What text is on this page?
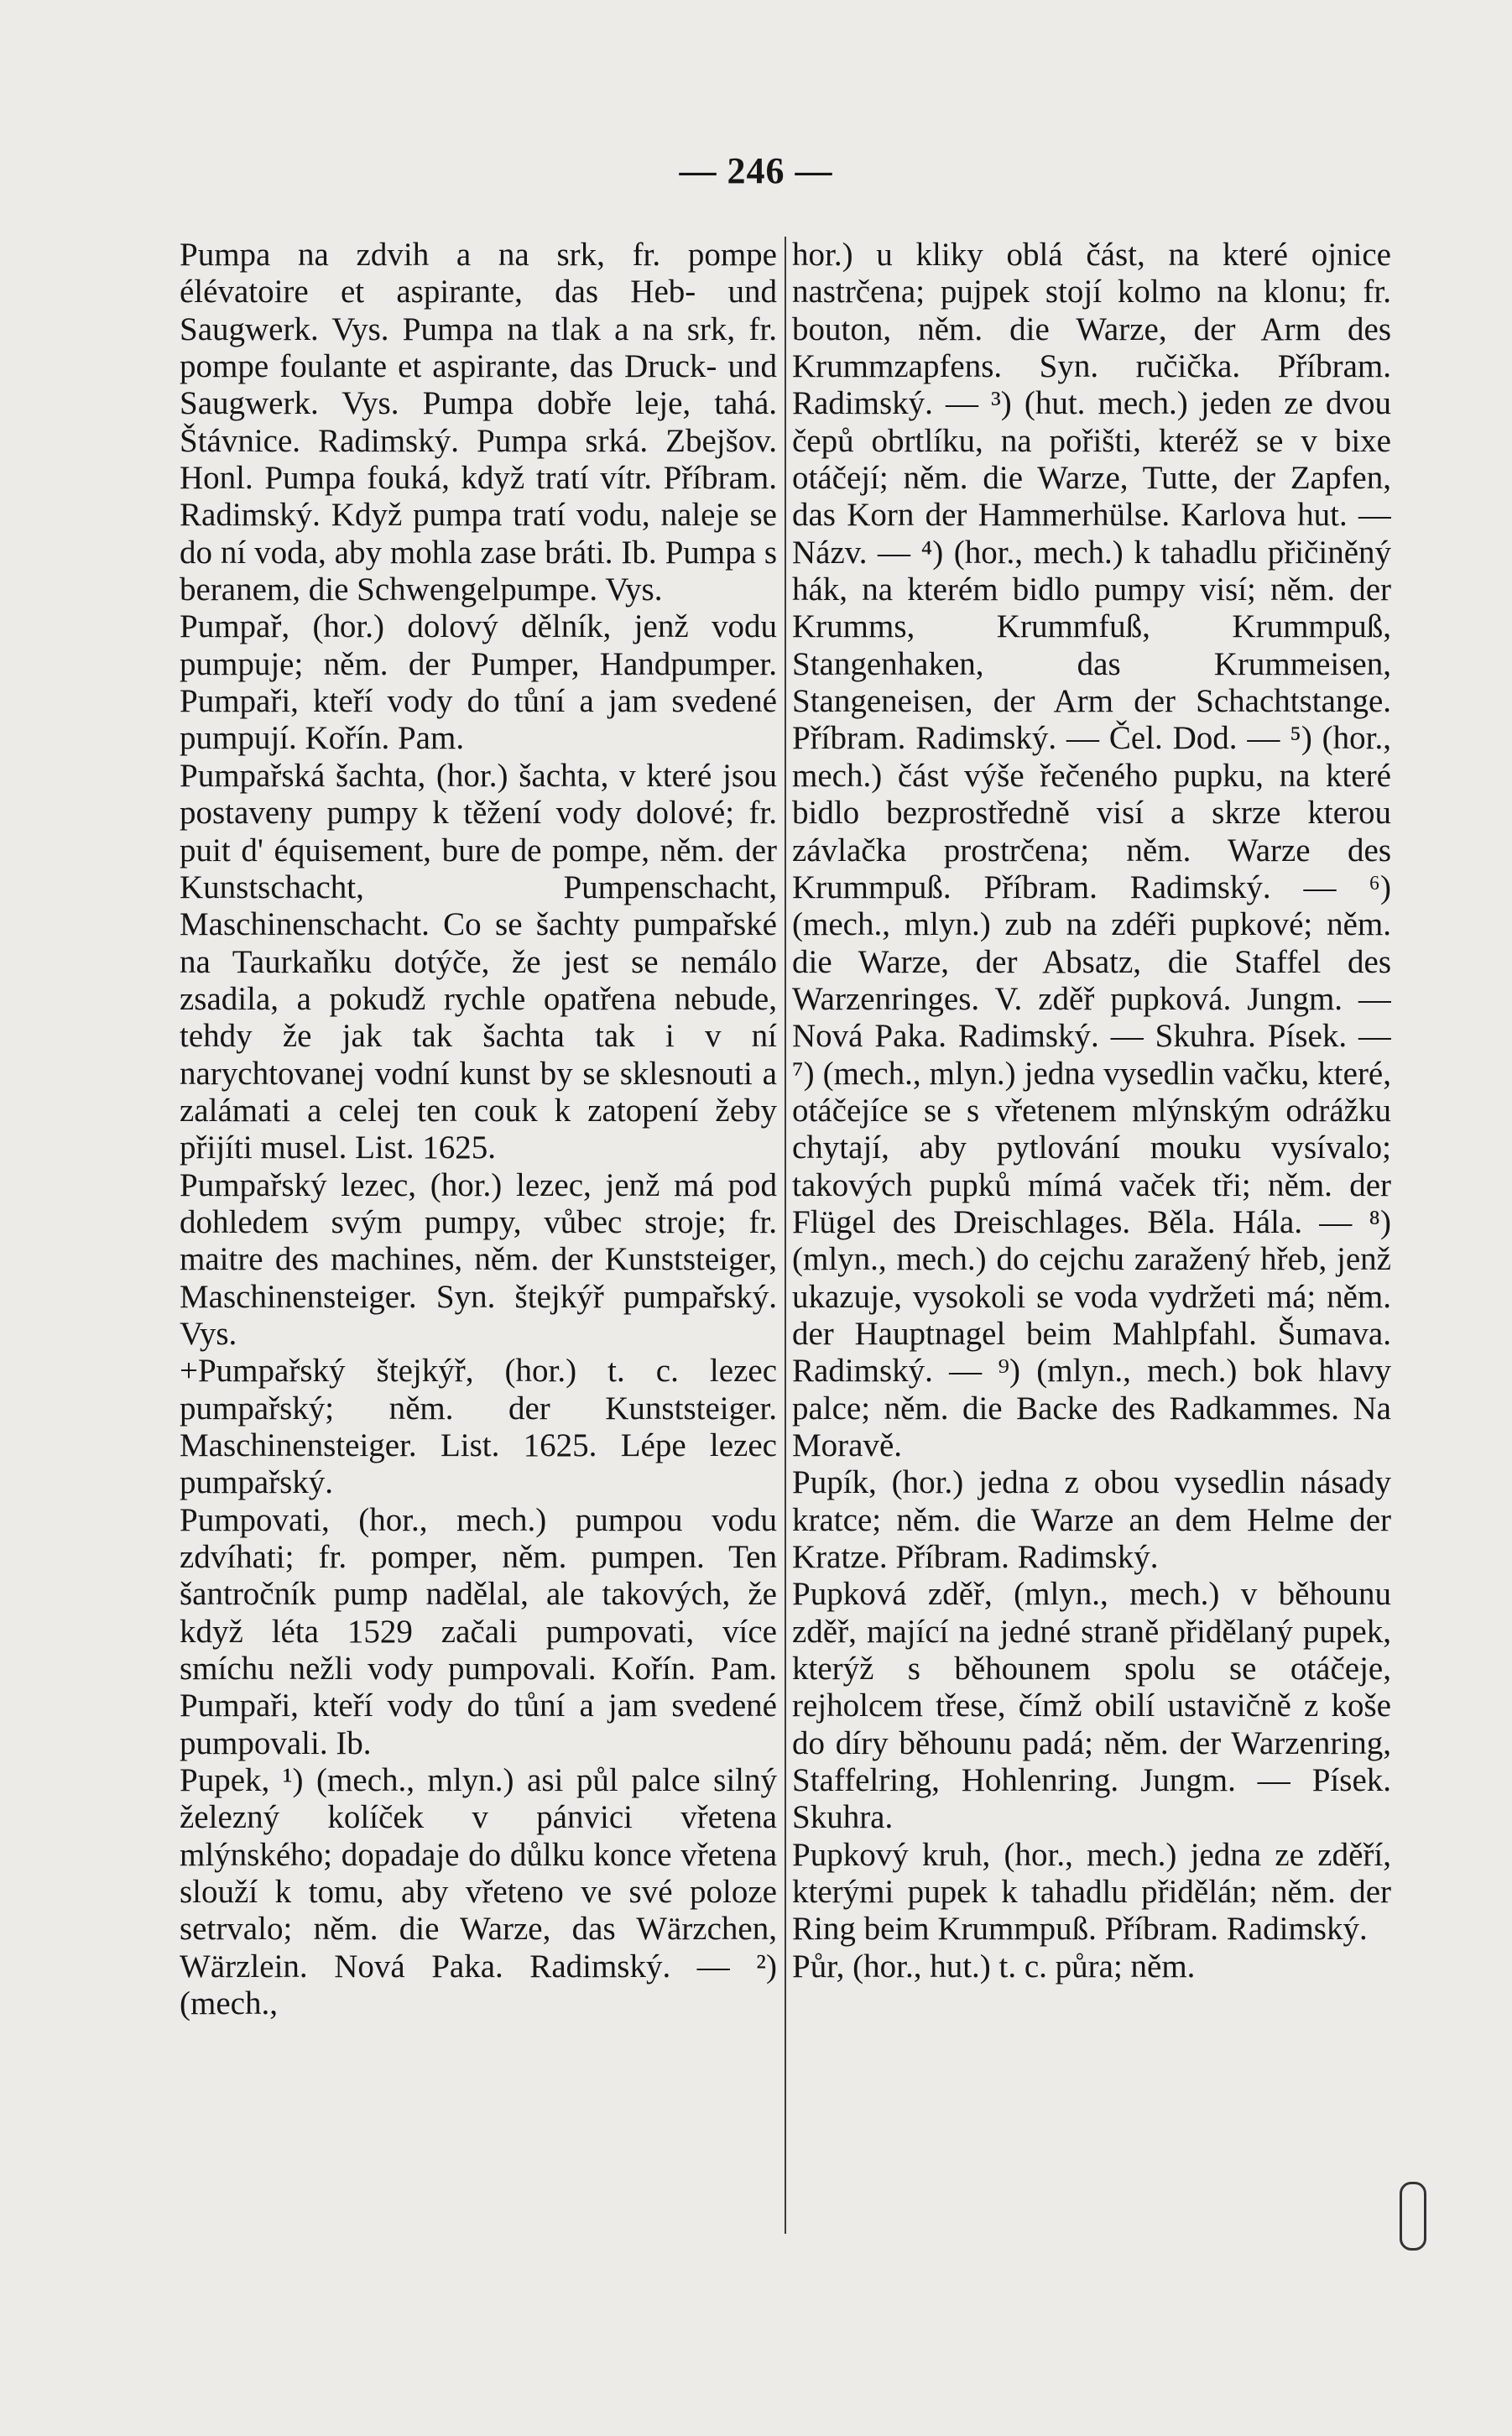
— 246 —

Pumpa na zdvih a na srk, fr. pompe élévatoire et aspirante, das Heb- und Saugwerk. Vys. Pumpa na tlak a na srk, fr. pompe foulante et aspirante, das Druck- und Saugwerk. Vys. Pumpa dobře leje, tahá. Štávnice. Radimský. Pumpa srká. Zbejšov. Honl. Pumpa fouká, když tratí vítr. Příbram. Radimský. Když pumpa tratí vodu, naleje se do ní voda, aby mohla zase bráti. Ib. Pumpa s beranem, die Schwengelpumpe. Vys.

Pumpař, (hor.) dolový dělník, jenž vodu pumpuje; něm. der Pumper, Handpumper. Pumpaři, kteří vody do tůní a jam svedené pumpují. Kořín. Pam.

Pumpařská šachta, (hor.) šachta, v které jsou postaveny pumpy k těžení vody dolové; fr. puit d' équisement, bure de pompe, něm. der Kunstschacht, Pumpenschacht, Maschinenschacht. Co se šachty pumpařské na Taurkaňku dotýče, že jest se nemálo zsadila, a pokudž rychle opatřena nebude, tehdy že jak tak šachta tak i v ní narychtovanej vodní kunst by se sklesnouti a zalámati a celej ten couk k zatopení žeby přijíti musel. List. 1625.

Pumpařský lezec, (hor.) lezec, jenž má pod dohledem svým pumpy, vůbec stroje; fr. maitre des machines, něm. der Kunststeiger, Maschinensteiger. Syn. štejkýř pumpařský. Vys.

+Pumpařský štejkýř, (hor.) t. c. lezec pumpařský; něm. der Kunststeiger. Maschinensteiger. List. 1625. Lépe lezec pumpařský.

Pumpovati, (hor., mech.) pumpou vodu zdvíhati; fr. pomper, něm. pumpen. Ten šantročník pump nadělal, ale takových, že když léta 1529 začali pumpovati, více smíchu nežli vody pumpovali. Kořín. Pam. Pumpaři, kteří vody do tůní a jam svedené pumpovali. Ib.

Pupek, ¹) (mech., mlyn.) asi půl palce silný železný kolíček v pánvici vřetena mlýnského; dopadaje do důlku konce vřetena slouží k tomu, aby vřeteno ve své poloze setrvalo; něm. die Warze, das Wärzchen, Wärzlein. Nová Paka. Radimský. — ²) (mech.,

hor.) u kliky oblá část, na které ojnice nastrčena; pujpek stojí kolmo na klonu; fr. bouton, něm. die Warze, der Arm des Krummzapfens. Syn. ručička. Příbram. Radimský. — ³) (hut. mech.) jeden ze dvou čepů obrtlíku, na pořišti, kteréž se v bixe otáčejí; něm. die Warze, Tutte, der Zapfen, das Korn der Hammerhülse. Karlova hut. — Názv. — ⁴) (hor., mech.) k tahadlu přičiněný hák, na kterém bidlo pumpy visí; něm. der Krumms, Krummfuß, Krummpuß, Stangenhaken, das Krummeisen, Stangeneisen, der Arm der Schachtstange. Příbram. Radimský. — Čel. Dod. — ⁵) (hor., mech.) část výše řečeného pupku, na které bidlo bezprostředně visí a skrze kterou závlačka prostrčena; něm. Warze des Krummpuß. Příbram. Radimský. — ⁶) (mech., mlyn.) zub na zdéři pupkové; něm. die Warze, der Absatz, die Staffel des Warzenringes. V. zděř pupková. Jungm. — Nová Paka. Radimský. — Skuhra. Písek. — ⁷) (mech., mlyn.) jedna vysedlin vačku, které, otáčejíce se s vřetenem mlýnským odrážku chytají, aby pytlování mouku vysívalo; takových pupků mímá vaček tři; něm. der Flügel des Dreischlages. Běla. Hála. — ⁸) (mlyn., mech.) do cejchu zaražený hřeb, jenž ukazuje, vysokoli se voda vydržeti má; něm. der Hauptnagel beim Mahlpfahl. Šumava. Radimský. — ⁹) (mlyn., mech.) bok hlavy palce; něm. die Backe des Radkammes. Na Moravě.

Pupík, (hor.) jedna z obou vysedlin násady kratce; něm. die Warze an dem Helme der Kratze. Příbram. Radimský.

Pupková zděř, (mlyn., mech.) v běhounu zděř, mající na jedné straně přidělaný pupek, kterýž s běhounem spolu se otáčeje, rejholcem třese, čímž obilí ustavičně z koše do díry běhounu padá; něm. der Warzenring, Staffelring, Hohlenring. Jungm. — Písek. Skuhra.

Pupkový kruh, (hor., mech.) jedna ze zděří, kterými pupek k tahadlu přidělán; něm. der Ring beim Krummpuß. Příbram. Radimský.

Půr, (hor., hut.) t. c. půra; něm.
